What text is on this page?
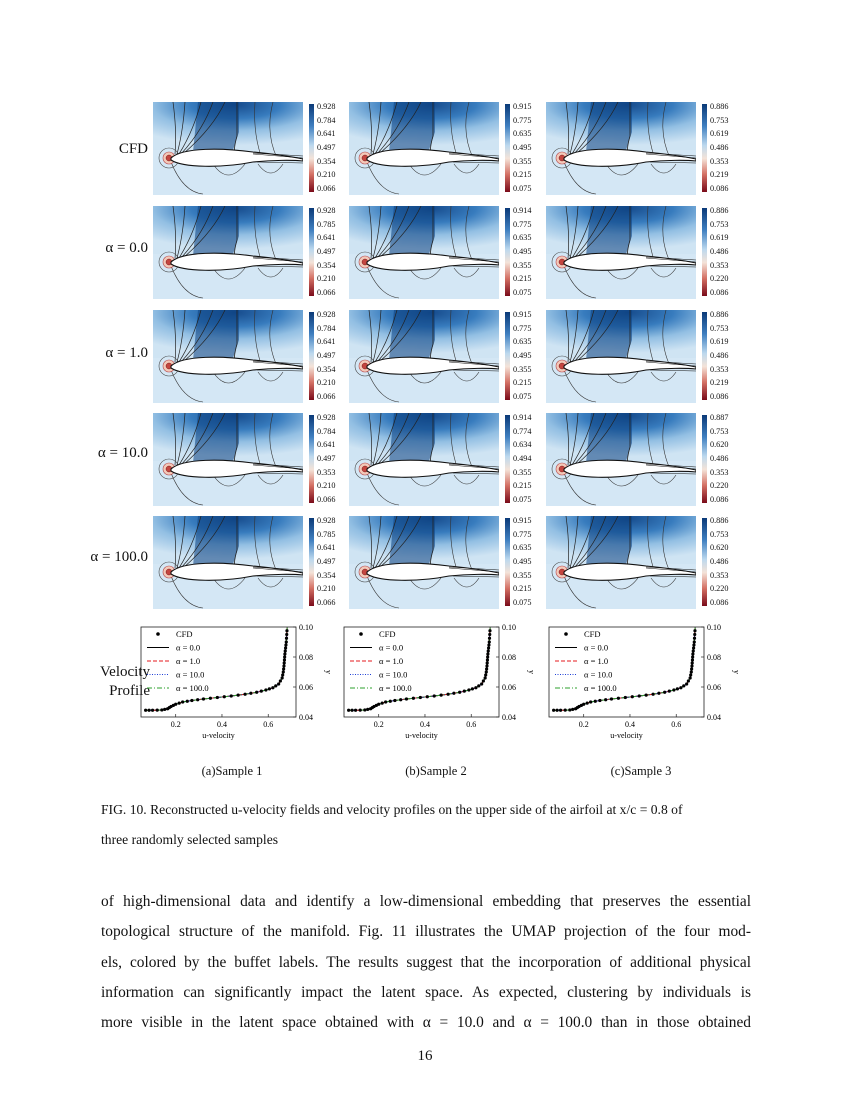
CFD
α = 0.0
α = 1.0
α = 10.0
α = 100.0
0.928
0.784
0.641
0.497
0.354
0.210
0.066
0.915
0.775
0.635
0.495
0.355
0.215
0.075
0.886
0.753
0.619
0.486
0.353
0.219
0.086
0.928
0.785
0.641
0.497
0.354
0.210
0.066
0.914
0.775
0.635
0.495
0.355
0.215
0.075
0.886
0.753
0.619
0.486
0.353
0.220
0.086
0.928
0.784
0.641
0.497
0.354
0.210
0.066
0.915
0.775
0.635
0.495
0.355
0.215
0.075
0.886
0.753
0.619
0.486
0.353
0.219
0.086
0.928
0.784
0.641
0.497
0.353
0.210
0.066
0.914
0.774
0.634
0.494
0.355
0.215
0.075
0.887
0.753
0.620
0.486
0.353
0.220
0.086
0.928
0.785
0.641
0.497
0.354
0.210
0.066
0.915
0.775
0.635
0.495
0.355
0.215
0.075
0.886
0.753
0.620
0.486
0.353
0.220
0.086
Velocity
Profile
0.2	0.4	0.6
0.10
0.08
0.06
0.04
u-velocity
y
CFD
α = 0.0
α = 1.0
α = 10.0
α = 100.0
0.2	0.4	0.6
0.10
0.08
0.06
0.04
u-velocity
y
CFD
α = 0.0
α = 1.0
α = 10.0
α = 100.0
0.2	0.4	0.6
0.10
0.08
0.06
0.04
u-velocity
y
CFD
α = 0.0
α = 1.0
α = 10.0
α = 100.0
(a)Sample 1	(b)Sample 2	(c)Sample 3
FIG. 10. Reconstructed u-velocity fields and velocity profiles on the upper side of the airfoil at x/c = 0.8 of
three randomly selected samples

of high-dimensional data and identify a low-dimensional embedding that preserves the essential

topological structure of the manifold. Fig. 11 illustrates the UMAP projection of the four mod-

els, colored by the buffet labels. The results suggest that the incorporation of additional physical

information can significantly impact the latent space. As expected, clustering by individuals is

more visible in the latent space obtained with α = 10.0 and α = 100.0 than in those obtained

16
